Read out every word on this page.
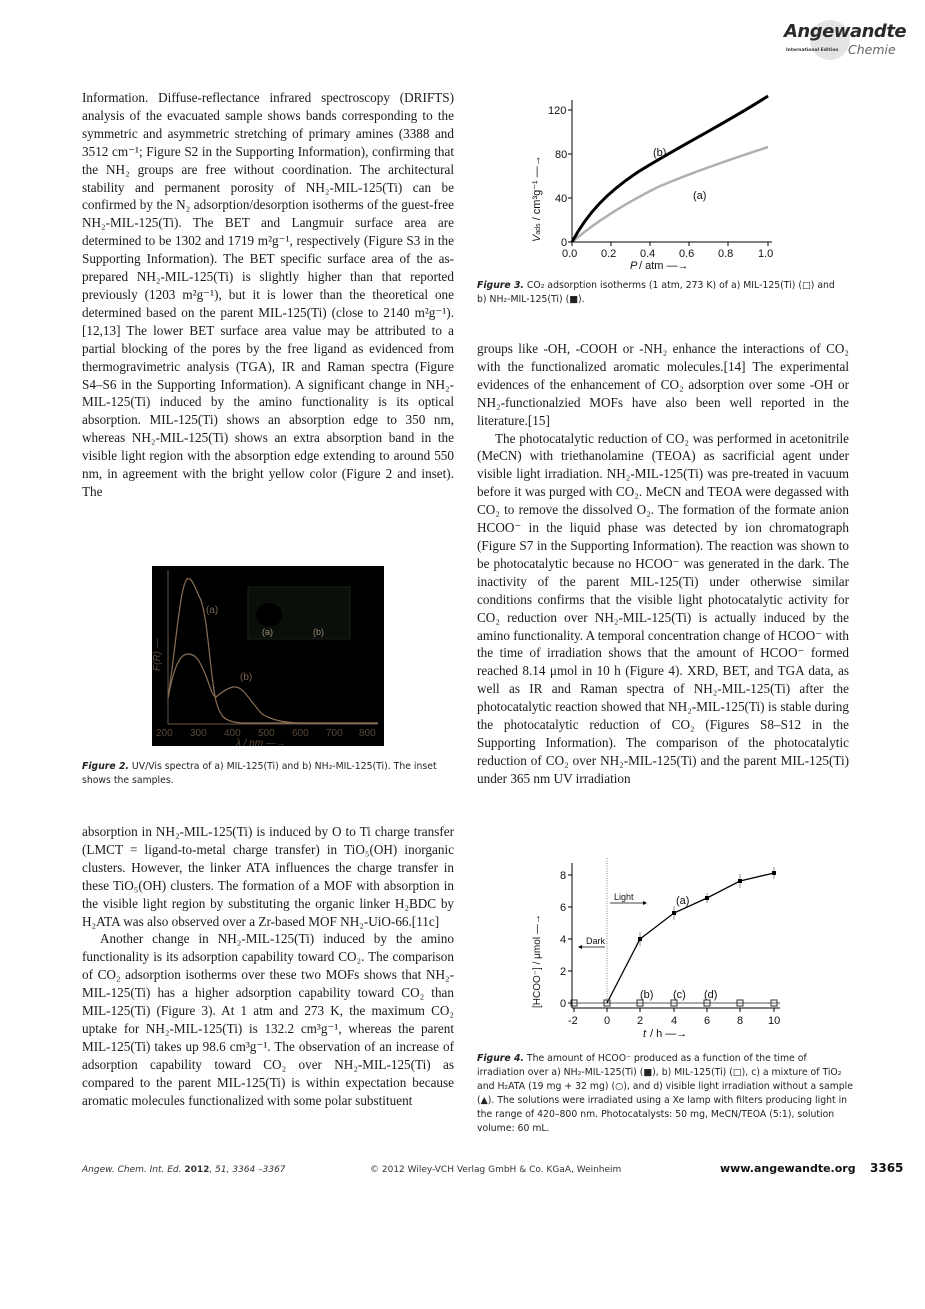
Angewandte
International Edition Chemie

Information. Diffuse-reflectance infrared spectroscopy (DRIFTS) analysis of the evacuated sample shows bands corresponding to the symmetric and asymmetric stretching of primary amines (3388 and 3512 cm⁻¹; Figure S2 in the Supporting Information), confirming that the NH₂ groups are free without coordination. The architectural stability and permanent porosity of NH₂-MIL-125(Ti) can be confirmed by the N₂ adsorption/desorption isotherms of the guest-free NH₂-MIL-125(Ti). The BET and Langmuir surface area are determined to be 1302 and 1719 m²g⁻¹, respectively (Figure S3 in the Supporting Information). The BET specific surface area of the as-prepared NH₂-MIL-125(Ti) is slightly higher than that reported previously (1203 m²g⁻¹), but it is lower than the theoretical one determined based on the parent MIL-125(Ti) (close to 2140 m²g⁻¹).[12,13] The lower BET surface area value may be attributed to a partial blocking of the pores by the free ligand as evidenced from thermogravimetric analysis (TGA), IR and Raman spectra (Figure S4–S6 in the Supporting Information). A significant change in NH₂-MIL-125(Ti) induced by the amino functionality is its optical absorption. MIL-125(Ti) shows an absorption edge to 350 nm, whereas NH₂-MIL-125(Ti) shows an extra absorption band in the visible light region with the absorption edge extending to around 550 nm, in agreement with the bright yellow color (Figure 2 and inset). The

(a)	(b)
(a)
(b)
F(R) —
200 300 400 500 600 700 800
λ / nm —→
Figure 2. UV/Vis spectra of a) MIL-125(Ti) and b) NH₂-MIL-125(Ti). The inset shows the samples.

absorption in NH₂-MIL-125(Ti) is induced by O to Ti charge transfer (LMCT = ligand-to-metal charge transfer) in TiO₅(OH) inorganic clusters. However, the linker ATA influences the charge transfer in these TiO₅(OH) clusters. The formation of a MOF with absorption in the visible light region by substituting the organic linker H₂BDC by H₂ATA was also observed over a Zr-based MOF NH₂-UiO-66.[11c]

Another change in NH₂-MIL-125(Ti) induced by the amino functionality is its adsorption capability toward CO₂. The comparison of CO₂ adsorption isotherms over these two MOFs shows that NH₂-MIL-125(Ti) has a higher adsorption capability toward CO₂ than MIL-125(Ti) (Figure 3). At 1 atm and 273 K, the maximum CO₂ uptake for NH₂-MIL-125(Ti) is 132.2 cm³g⁻¹, whereas the parent MIL-125(Ti) takes up 98.6 cm³g⁻¹. The observation of an increase of adsorption capability toward CO₂ over NH₂-MIL-125(Ti) as compared to the parent MIL-125(Ti) is within expectation because aromatic molecules functionalized with some polar substituent

0
40
80
120
0.0 0.2 0.4 0.6 0.8 1.0
(b)
(a)
P / atm —→
Vads / cm³g⁻¹ —→
Figure 3. CO₂ adsorption isotherms (1 atm, 273 K) of a) MIL-125(Ti) (□) and b) NH₂-MIL-125(Ti) (■).

groups like -OH, -COOH or -NH₂ enhance the interactions of CO₂ with the functionalized aromatic molecules.[14] The experimental evidences of the enhancement of CO₂ adsorption over some -OH or NH₂-functionalzied MOFs have also been well reported in the literature.[15]

The photocatalytic reduction of CO₂ was performed in acetonitrile (MeCN) with triethanolamine (TEOA) as sacrificial agent under visible light irradiation. NH₂-MIL-125(Ti) was pre-treated in vacuum before it was purged with CO₂. MeCN and TEOA were degassed with CO₂ to remove the dissolved O₂. The formation of the formate anion HCOO⁻ in the liquid phase was detected by ion chromatograph (Figure S7 in the Supporting Information). The reaction was shown to be photocatalytic because no HCOO⁻ was generated in the dark. The inactivity of the parent MIL-125(Ti) under otherwise similar conditions confirms that the visible light photocatalytic activity for CO₂ reduction over NH₂-MIL-125(Ti) is actually induced by the amino functionality. A temporal concentration change of HCOO⁻ with the time of irradiation shows that the amount of HCOO⁻ formed reached 8.14 μmol in 10 h (Figure 4). XRD, BET, and TGA data, as well as IR and Raman spectra of NH₂-MIL-125(Ti) after the photocatalytic reaction showed that NH₂-MIL-125(Ti) is stable during the photocatalytic reduction of CO₂ (Figures S8–S12 in the Supporting Information). The comparison of the photocatalytic reduction of CO₂ over NH₂-MIL-125(Ti) and the parent MIL-125(Ti) under 365 nm UV irradiation

0
2
4
6
8
-2 0 2	4 6 8 10
Light
Dark
(a)
(b) (c) (d)
t / h —→
[HCOO⁻] / μmol —→
Figure 4. The amount of HCOO⁻ produced as a function of the time of irradiation over a) NH₂-MIL-125(Ti) (■), b) MIL-125(Ti) (□), c) a mixture of TiO₂ and H₂ATA (19 mg + 32 mg) (○), and d) visible light irradiation without a sample (▲). The solutions were irradiated using a Xe lamp with filters producing light in the range of 420–800 nm. Photocatalysts: 50 mg, MeCN/TEOA (5:1), solution volume: 60 mL.
Angew. Chem. Int. Ed. 2012, 51, 3364 –3367	© 2012 Wiley-VCH Verlag GmbH & Co. KGaA, Weinheim	www.angewandte.org 3365
